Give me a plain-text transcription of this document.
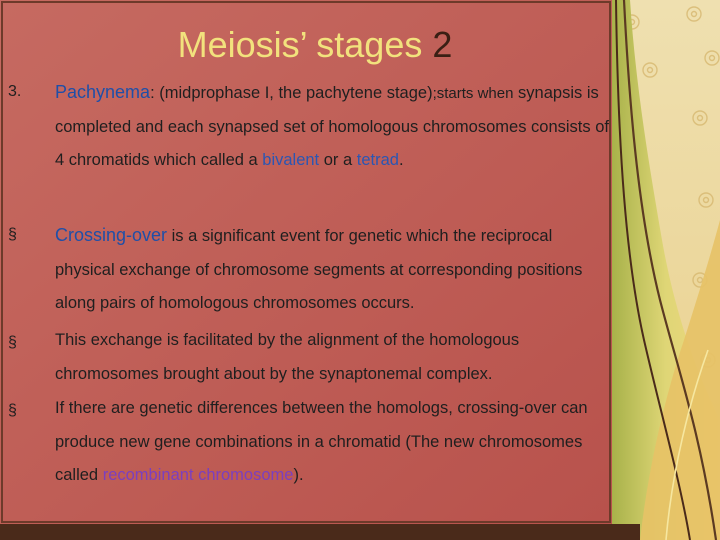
Meiosis’ stages 2
3. Pachynema: (midprophase I, the pachytene stage);starts when synapsis is completed and each synapsed set of homologous chromosomes consists of 4 chromatids which called a bivalent or a tetrad.
§ Crossing-over is a significant event for genetic which the reciprocal physical exchange of chromosome segments at corresponding positions along pairs of homologous chromosomes occurs.
§ This exchange is facilitated by the alignment of the homologous chromosomes brought about by the synaptonemal complex.
§ If there are genetic differences between the homologs, crossing-over can produce new gene combinations in a chromatid (The new chromosomes called recombinant chromosome).
